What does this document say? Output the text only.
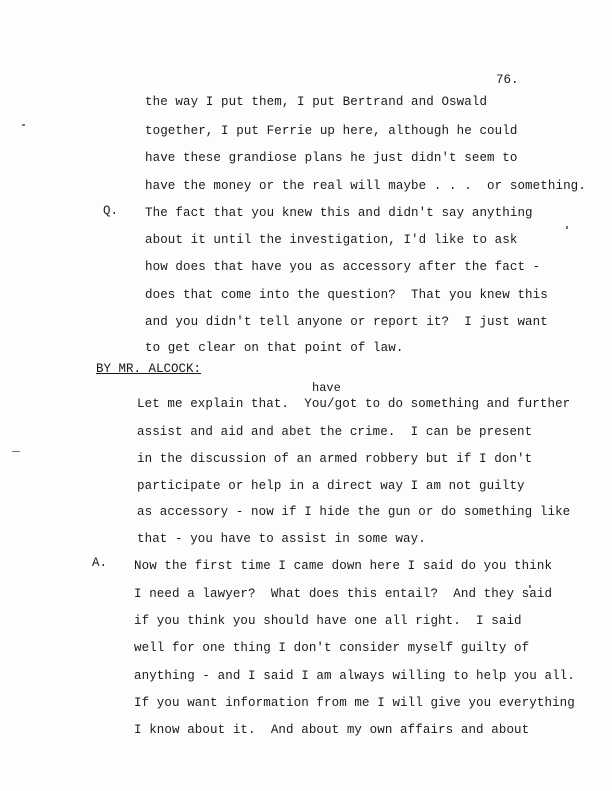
76.
the way I put them, I put Bertrand and Oswald
together, I put Ferrie up here, although he could
have these grandiose plans he just didn't seem to
have the money or the real will maybe . . .  or something.
Q. The fact that you knew this and didn't say anything
about it until the investigation, I'd like to ask
how does that have you as accessory after the fact -
does that come into the question?  That you knew this
and you didn't tell anyone or report it?  I just want
to get clear on that point of law.
BY MR. ALCOCK:
have
Let me explain that.  You/got to do something and further
assist and aid and abet the crime.  I can be present
in the discussion of an armed robbery but if I don't
participate or help in a direct way I am not guilty
as accessory - now if I hide the gun or do something like
that - you have to assist in some way.
A. Now the first time I came down here I said do you think
I need a lawyer?  What does this entail?  And they said
if you think you should have one all right.  I said
well for one thing I don't consider myself guilty of
anything - and I said I am always willing to help you all.
If you want information from me I will give you everything
I know about it.  And about my own affairs and about
